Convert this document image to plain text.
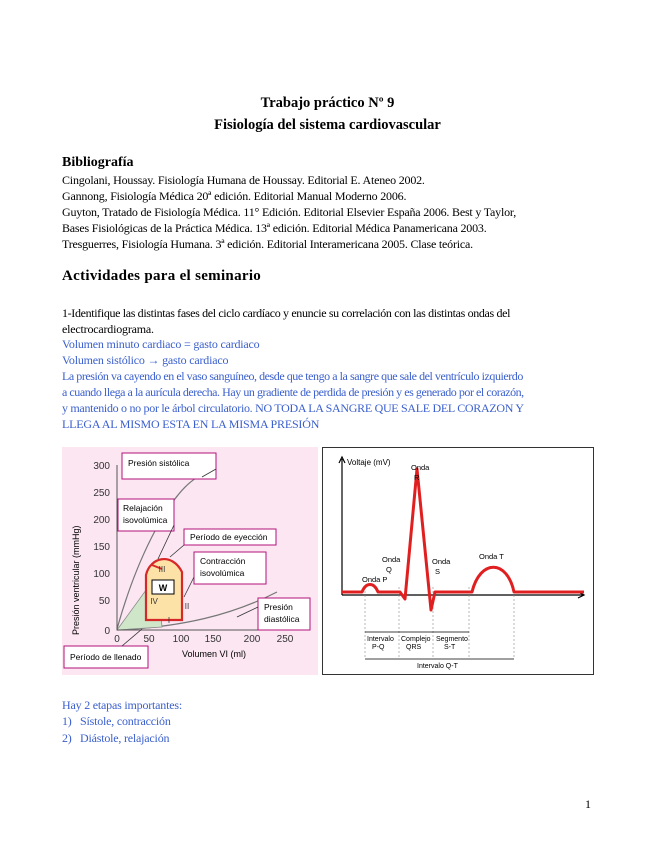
Trabajo práctico Nº 9
Fisiología del sistema cardiovascular
Bibliografía
Cingolani, Houssay. Fisiología Humana de Houssay. Editorial E. Ateneo 2002.
Gannong, Fisiología Médica 20ª edición. Editorial Manual Moderno 2006.
Guyton, Tratado de Fisiología Médica. 11° Edición. Editorial Elsevier España 2006. Best y Taylor,
Bases Fisiológicas de la Práctica Médica. 13ª edición. Editorial Médica Panamericana 2003.
Tresguerres, Fisiología Humana. 3ª edición. Editorial Interamericana 2005. Clase teórica.
Actividades para el seminario
1-Identifique las distintas fases del ciclo cardíaco y enuncie su correlación con las distintas ondas del
electrocardiograma.
Volumen minuto cardiaco = gasto cardiaco
Volumen sistólico → gasto cardiaco
La presión va cayendo en el vaso sanguíneo, desde que tengo a la sangre que sale del ventrículo izquierdo
a cuando llega a la aurícula derecha. Hay un gradiente de perdida de presión y es generado por el corazón,
y mantenido o no por le árbol circulatorio. NO TODA LA SANGRE QUE SALE DEL CORAZON Y
LLEGA AL MISMO ESTA EN LA MISMA PRESIÓN
300
250
200
150
100
50
0
0 50 100 150 200 250
Presión ventricular (mmHg)
Volumen VI (ml)
III
IV
II
I
W
Presión sistólica
Relajación
isovolúmica
Período de eyección
Contracción
isovolúmica
Presión
diastólica
Período de llenado
Voltaje (mV)
Onda
R
Onda P
Onda
Q
Onda
S
Onda T
Intervalo
P-Q
Complejo
QRS
Segmento
S-T
Intervalo Q-T
Hay 2 etapas importantes:
1)   Sístole, contracción
2)   Diástole, relajación
1
